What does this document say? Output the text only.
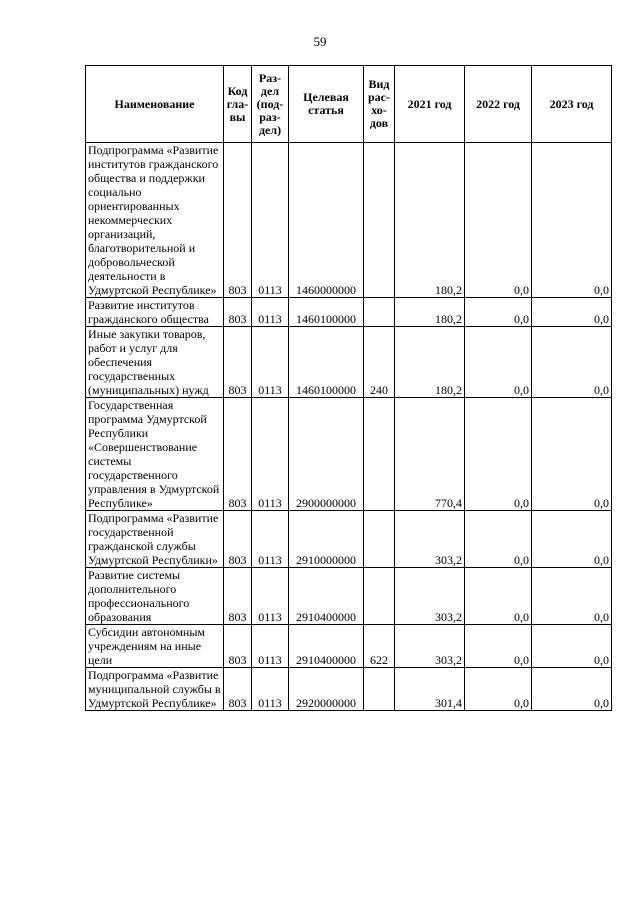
59
Наименование	Код гла- вы	Раз- дел (под- раз- дел)	Целевая статья	Вид рас- хо- дов	2021 год	2022 год	2023 год
Подпрограмма «Развитие институтов гражданского общества и поддержки социально ориентированных некоммерческих организаций, благотворительной и добровольческой деятельности в Удмуртской Республике»	803	0113	1460000000		180,2	0,0	0,0
Развитие институтов гражданского общества	803	0113	1460100000		180,2	0,0	0,0
Иные закупки товаров, работ и услуг для обеспечения государственных (муниципальных) нужд	803	0113	1460100000	240	180,2	0,0	0,0
Государственная программа Удмуртской Республики «Совершенствование системы государственного управления в Удмуртской Республике»	803	0113	2900000000		770,4	0,0	0,0
Подпрограмма «Развитие государственной гражданской службы Удмуртской Республики»	803	0113	2910000000		303,2	0,0	0,0
Развитие системы дополнительного профессионального образования	803	0113	2910400000		303,2	0,0	0,0
Субсидии автономным учреждениям на иные цели	803	0113	2910400000	622	303,2	0,0	0,0
Подпрограмма «Развитие муниципальной службы в Удмуртской Республике»	803	0113	2920000000		301,4	0,0	0,0
